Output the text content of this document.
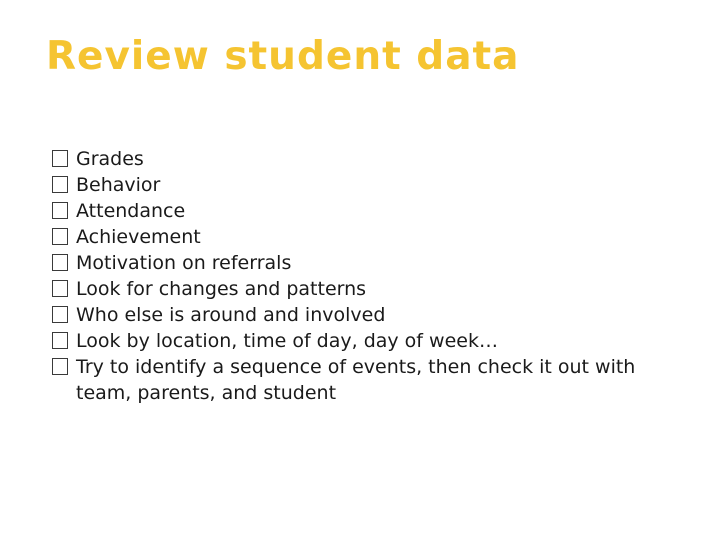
Review student data
Grades
Behavior
Attendance
Achievement
Motivation on referrals
Look for changes and patterns
Who else is around and involved
Look by location, time of day, day of week…
Try to identify a sequence of events, then check it out with team, parents, and student
